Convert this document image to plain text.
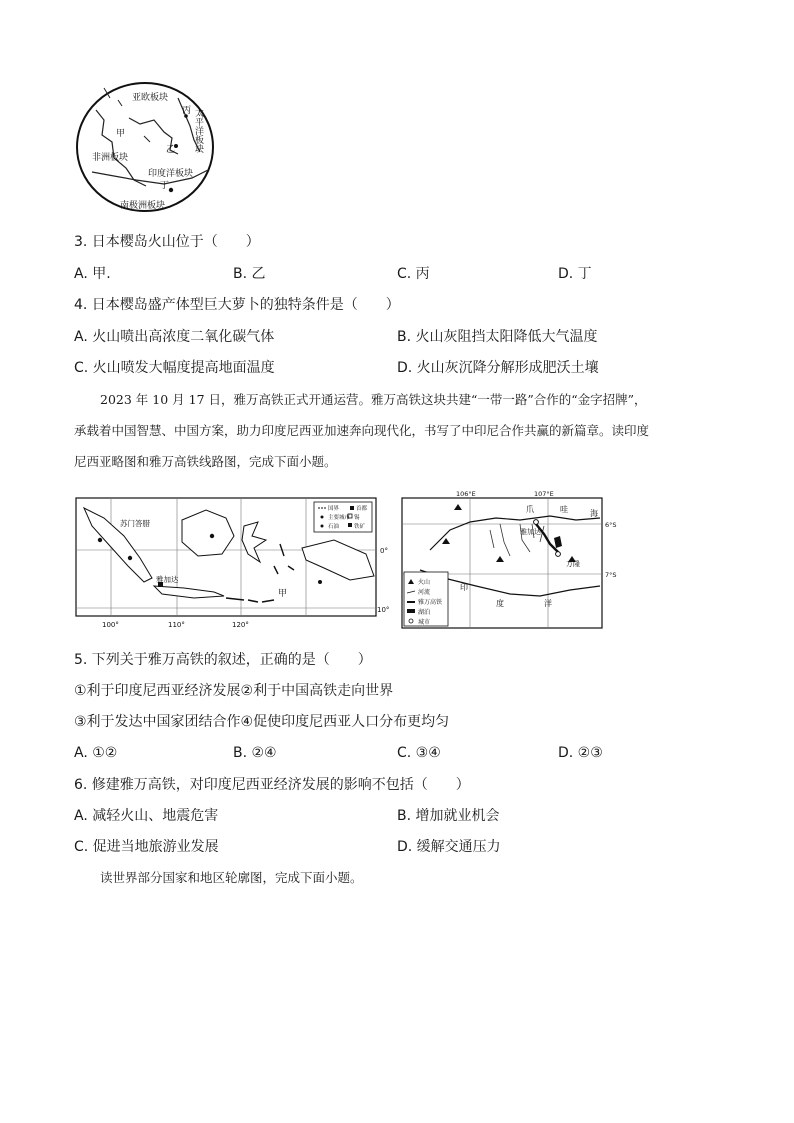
亚欧板块
非洲板块
印度洋板块
南极洲板块
甲
乙
丙
丁
太平洋板块
3. 日本樱岛火山位于（　　）
A. 甲.	B. 乙	C. 丙	D. 丁
4. 日本樱岛盛产体型巨大萝卜的独特条件是（　　）
A. 火山喷出高浓度二氧化碳气体	B. 火山灰阻挡太阳降低大气温度
C. 火山喷发大幅度提高地面温度	D. 火山灰沉降分解形成肥沃土壤
2023 年 10 月 17 日，雅万高铁正式开通运营。雅万高铁这块共建“一带一路”合作的“金字招牌”，
承载着中国智慧、中国方案，助力印度尼西亚加速奔向现代化，书写了中印尼合作共赢的新篇章。读印度
尼西亚略图和雅万高铁线路图，完成下面小题。
苏门答腊
雅加达
甲
国界	首都
主要城市
石油	铁矿
锡
0°
10°
100°	110°	120°
爪	哇	海
雅加达
万隆
印
度	洋
火山
河流
雅万高铁
湖泊
城市
106°E	107°E
6°S
7°S
5. 下列关于雅万高铁的叙述，正确的是（　　）
①利于印度尼西亚经济发展②利于中国高铁走向世界
③利于发达中国家团结合作④促使印度尼西亚人口分布更均匀
A. ①②	B. ②④	C. ③④	D. ②③
6. 修建雅万高铁，对印度尼西亚经济发展的影响不包括（　　）
A. 减轻火山、地震危害	B. 增加就业机会
C. 促进当地旅游业发展	D. 缓解交通压力
读世界部分国家和地区轮廓图，完成下面小题。
